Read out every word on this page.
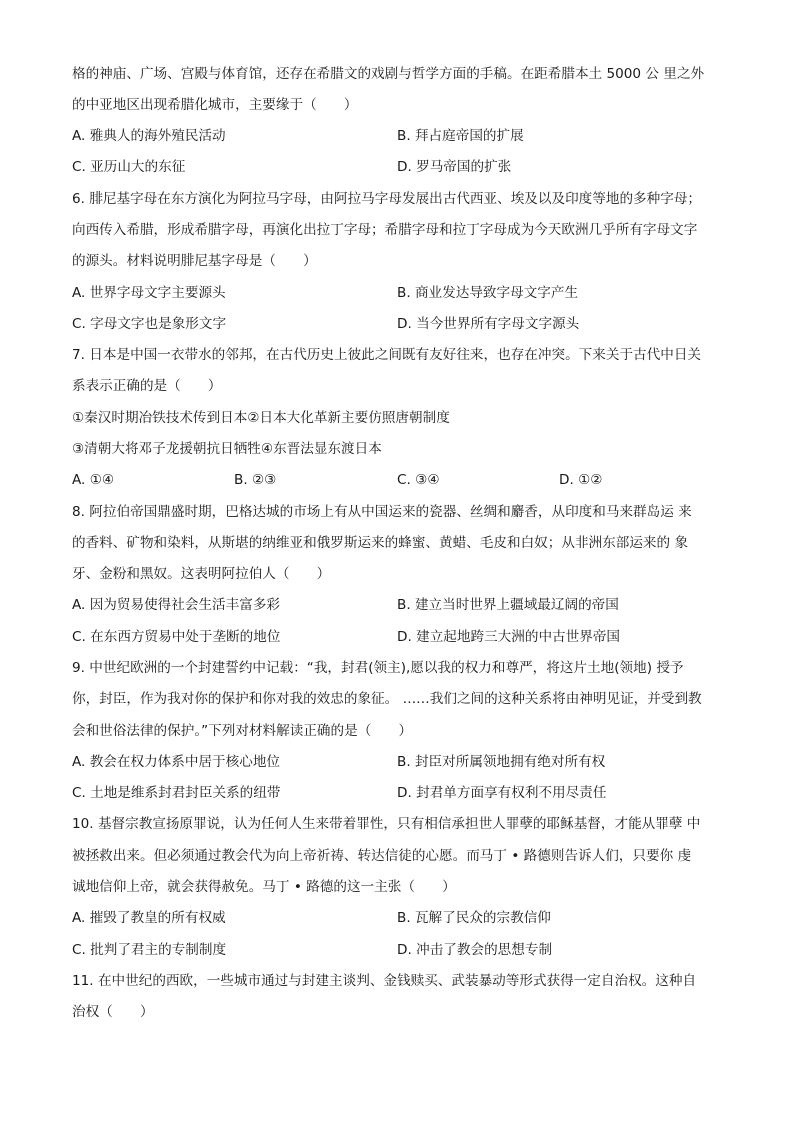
格的神庙、广场、宫殿与体育馆，还存在希腊文的戏剧与哲学方面的手稿。在距希腊本土 5000 公 里之外
的中亚地区出现希腊化城市，主要缘于（　　）
A. 雅典人的海外殖民活动	B. 拜占庭帝国的扩展
C. 亚历山大的东征	D. 罗马帝国的扩张
6. 腓尼基字母在东方演化为阿拉马字母，由阿拉马字母发展出古代西亚、埃及以及印度等地的多种字母；
向西传入希腊，形成希腊字母，再演化出拉丁字母；希腊字母和拉丁字母成为今天欧洲几乎所有字母文字
的源头。材料说明腓尼基字母是（　　）
A. 世界字母文字主要源头	B. 商业发达导致字母文字产生
C. 字母文字也是象形文字	D. 当今世界所有字母文字源头
7. 日本是中国一衣带水的邻邦，在古代历史上彼此之间既有友好往来，也存在冲突。下来关于古代中日关
系表示正确的是（　　）
①秦汉时期冶铁技术传到日本②日本大化革新主要仿照唐朝制度
③清朝大将邓子龙援朝抗日牺牲④东晋法显东渡日本
A. ①④	B. ②③	C. ③④	D. ①②
8. 阿拉伯帝国鼎盛时期，巴格达城的市场上有从中国运来的瓷器、丝绸和麝香，从印度和马来群岛运 来
的香料、矿物和染料，从斯堪的纳维亚和俄罗斯运来的蜂蜜、黄蜡、毛皮和白奴；从非洲东部运来的 象
牙、金粉和黑奴。这表明阿拉伯人（　　）
A. 因为贸易使得社会生活丰富多彩	B. 建立当时世界上疆域最辽阔的帝国
C. 在东西方贸易中处于垄断的地位	D. 建立起地跨三大洲的中古世界帝国
9. 中世纪欧洲的一个封建誓约中记载：“我，封君(领主),愿以我的权力和尊严，将这片土地(领地) 授予
你，封臣，作为我对你的保护和你对我的效忠的象征。 ……我们之间的这种关系将由神明见证，并受到教
会和世俗法律的保护。”下列对材料解读正确的是（　　）
A. 教会在权力体系中居于核心地位	B. 封臣对所属领地拥有绝对所有权
C. 土地是维系封君封臣关系的纽带	D. 封君单方面享有权利不用尽责任
10. 基督宗教宣扬原罪说，认为任何人生来带着罪性，只有相信承担世人罪孽的耶稣基督，才能从罪孽 中
被拯救出来。但必须通过教会代为向上帝祈祷、转达信徒的心愿。而马丁 • 路德则告诉人们，只要你 虔
诚地信仰上帝，就会获得赦免。马丁 • 路德的这一主张（　　）
A. 摧毁了教皇的所有权威	B. 瓦解了民众的宗教信仰
C. 批判了君主的专制制度	D. 冲击了教会的思想专制
11. 在中世纪的西欧，一些城市通过与封建主谈判、金钱赎买、武装暴动等形式获得一定自治权。这种自
治权（　　）
